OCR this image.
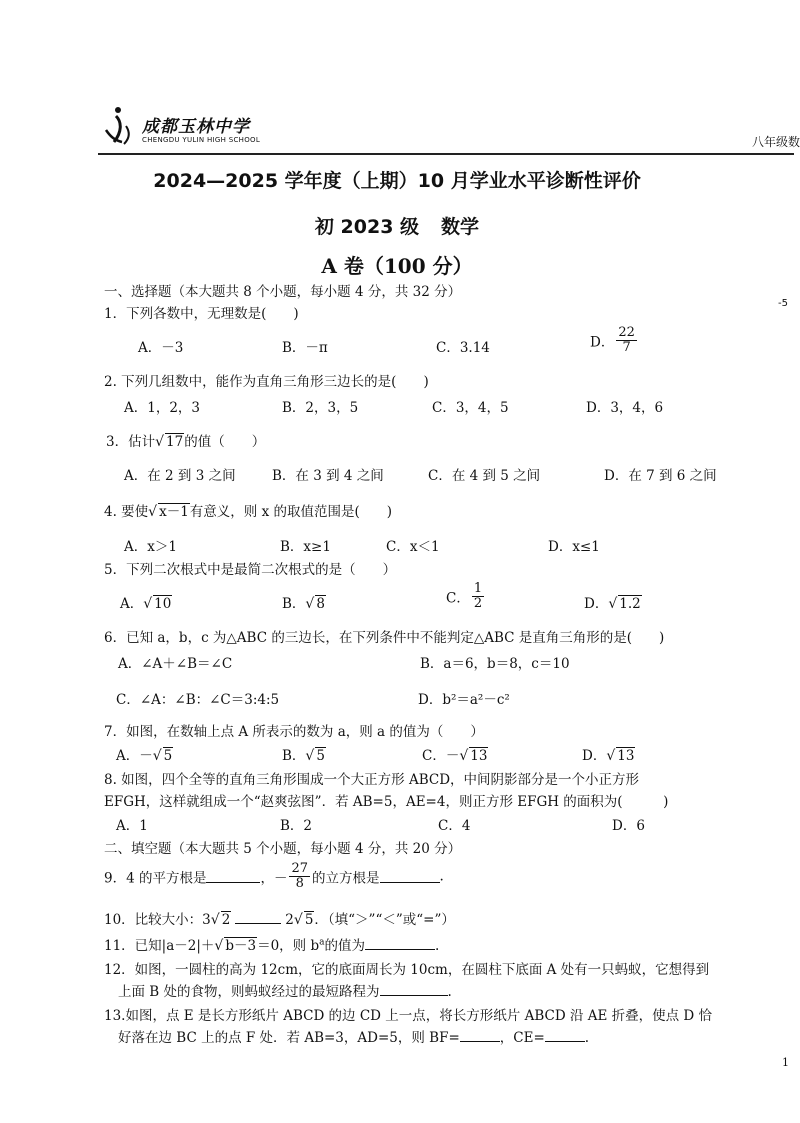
成都玉林中学
CHENGDU YULIN HIGH SCHOOL	八年级数
-5
2024—2025 学年度（上期）10 月学业水平诊断性评价
初 2023 级 数学
A 卷（100 分）
一、选择题（本大题共 8 个小题，每小题 4 分，共 32 分）
1．下列各数中，无理数是(　　)
A．－3	B．－π	C．3.14	D． $\frac{22}{7}$
2. 下列几组数中，能作为直角三角形三边长的是(　　)
A．1，2，3	B．2，3，5	C．3，4，5	D．3，4，6
3．估计√ 17的值（　　）
A．在 2 到 3 之间	B．在 3 到 4 之间	C．在 4 到 5 之间	D．在 7 到 6 之间
4. 要使√ x－1有意义，则 x 的取值范围是(　　)
A．x＞1	B．x≥1	C．x＜1	D．x≤1
5．下列二次根式中是最简二次根式的是（　　）
A．√ 10	B．√ 8	C． $\frac{1}{2}$	D．√ 1.2
6．已知 a，b，c 为△ABC 的三边长，在下列条件中不能判定△ABC 是直角三角形的是(　　)
A．∠A＋∠B＝∠C	B．a＝6，b＝8，c＝10
C．∠A：∠B：∠C＝3:4:5	D．b²＝a²－c²
7．如图，在数轴上点 A 所表示的数为 a，则 a 的值为（　　）
A．－√ 5	B．√ 5	C．－√ 13	D．√ 13
8. 如图，四个全等的直角三角形围成一个大正方形 ABCD，中间阴影部分是一个小正方形
EFGH，这样就组成一个“赵爽弦图”．若 AB=5，AE=4，则正方形 EFGH 的面积为(　　　)
A．1	B．2	C．4	D．6
二、填空题（本大题共 5 个小题，每小题 4 分，共 20 分）
9．4 的平方根是	，－ $\frac{27}{8}$ 的立方根是	.
10．比较大小：3√ 2	2√ 5．（填“＞”“＜”或“=”）
11．已知|a－2|＋√ b－3＝0，则 $b^a$的值为	.
12．如图，一圆柱的高为 12cm，它的底面周长为 10cm，在圆柱下底面 A 处有一只蚂蚁，它想得到
上面 B 处的食物，则蚂蚁经过的最短路程为	.
13.如图，点 E 是长方形纸片 ABCD 的边 CD 上一点，将长方形纸片 ABCD 沿 AE 折叠，使点 D 恰
好落在边 BC 上的点 F 处．若 AB=3，AD=5，则 BF=	，CE=	.
1
